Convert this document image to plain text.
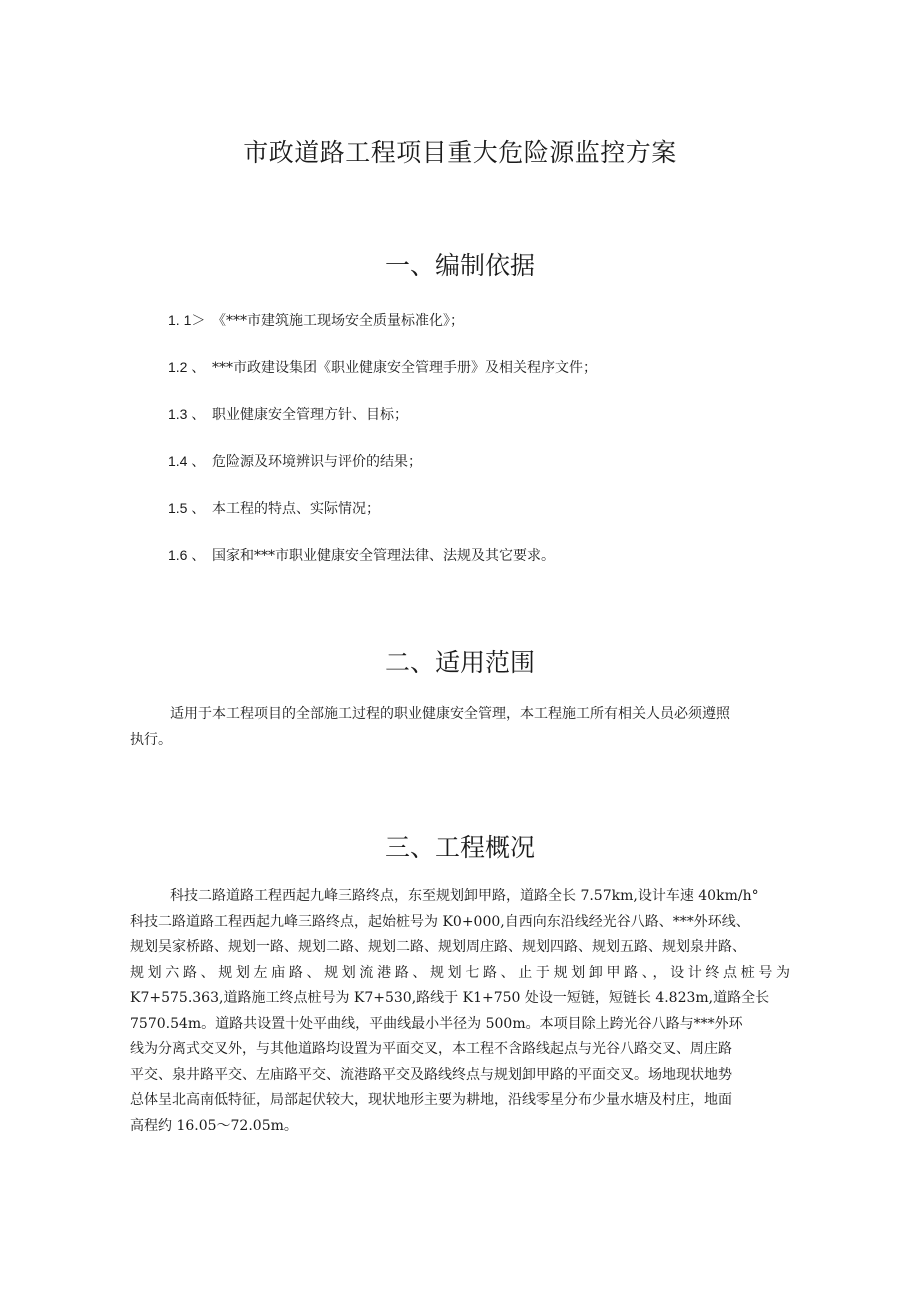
市政道路工程项目重大危险源监控方案
一、编制依据
1. 1＞ 《***市建筑施工现场安全质量标准化》；
1.2 、 ***市政建设集团《职业健康安全管理手册》及相关程序文件；
1.3 、 职业健康安全管理方针、目标；
1.4 、 危险源及环境辨识与评价的结果；
1.5 、 本工程的特点、实际情况；
1.6 、 国家和***市职业健康安全管理法律、法规及其它要求。
二、适用范围
适用于本工程项目的全部施工过程的职业健康安全管理，本工程施工所有相关人员必须遵照
执行。
三、工程概况
科技二路道路工程西起九峰三路终点，东至规划卸甲路，道路全长 7.57km,设计车速 40km/h°
科技二路道路工程西起九峰三路终点，起始桩号为 K0+000,自西向东沿线经光谷八路、***外环线、
规划吴家桥路、规划一路、规划二路、规划二路、规划周庄路、规划四路、规划五路、规划泉井路、
规划六路、规划左庙路、规划流港路、规划七路、止于规划卸甲路、，设计终点桩号为
K7+575.363,道路施工终点桩号为 K7+530,路线于 K1+750 处设一短链，短链长 4.823m,道路全长
7570.54m。道路共设置十处平曲线，平曲线最小半径为 500m。本项目除上跨光谷八路与***外环
线为分离式交叉外，与其他道路均设置为平面交叉，本工程不含路线起点与光谷八路交叉、周庄路
平交、泉井路平交、左庙路平交、流港路平交及路线终点与规划卸甲路的平面交叉。场地现状地势
总体呈北高南低特征，局部起伏较大，现状地形主要为耕地，沿线零星分布少量水塘及村庄，地面
高程约 16.05～72.05m。
